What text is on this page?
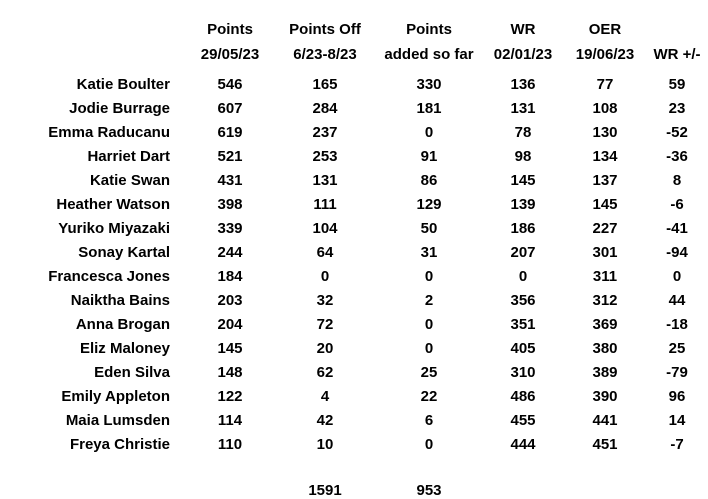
	Points	Points Off	Points	WR	OER	
	29/05/23	6/23-8/23	added so far	02/01/23	19/06/23	WR +/-
Katie Boulter	546	165	330	136	77	59
Jodie Burrage	607	284	181	131	108	23
Emma Raducanu	619	237	0	78	130	-52
Harriet Dart	521	253	91	98	134	-36
Katie Swan	431	131	86	145	137	8
Heather Watson	398	111	129	139	145	-6
Yuriko Miyazaki	339	104	50	186	227	-41
Sonay Kartal	244	64	31	207	301	-94
Francesca Jones	184	0	0	0	311	0
Naiktha Bains	203	32	2	356	312	44
Anna Brogan	204	72	0	351	369	-18
Eliz Maloney	145	20	0	405	380	25
Eden Silva	148	62	25	310	389	-79
Emily Appleton	122	4	22	486	390	96
Maia Lumsden	114	42	6	455	441	14
Freya Christie	110	10	0	444	451	-7

		1591	953			
